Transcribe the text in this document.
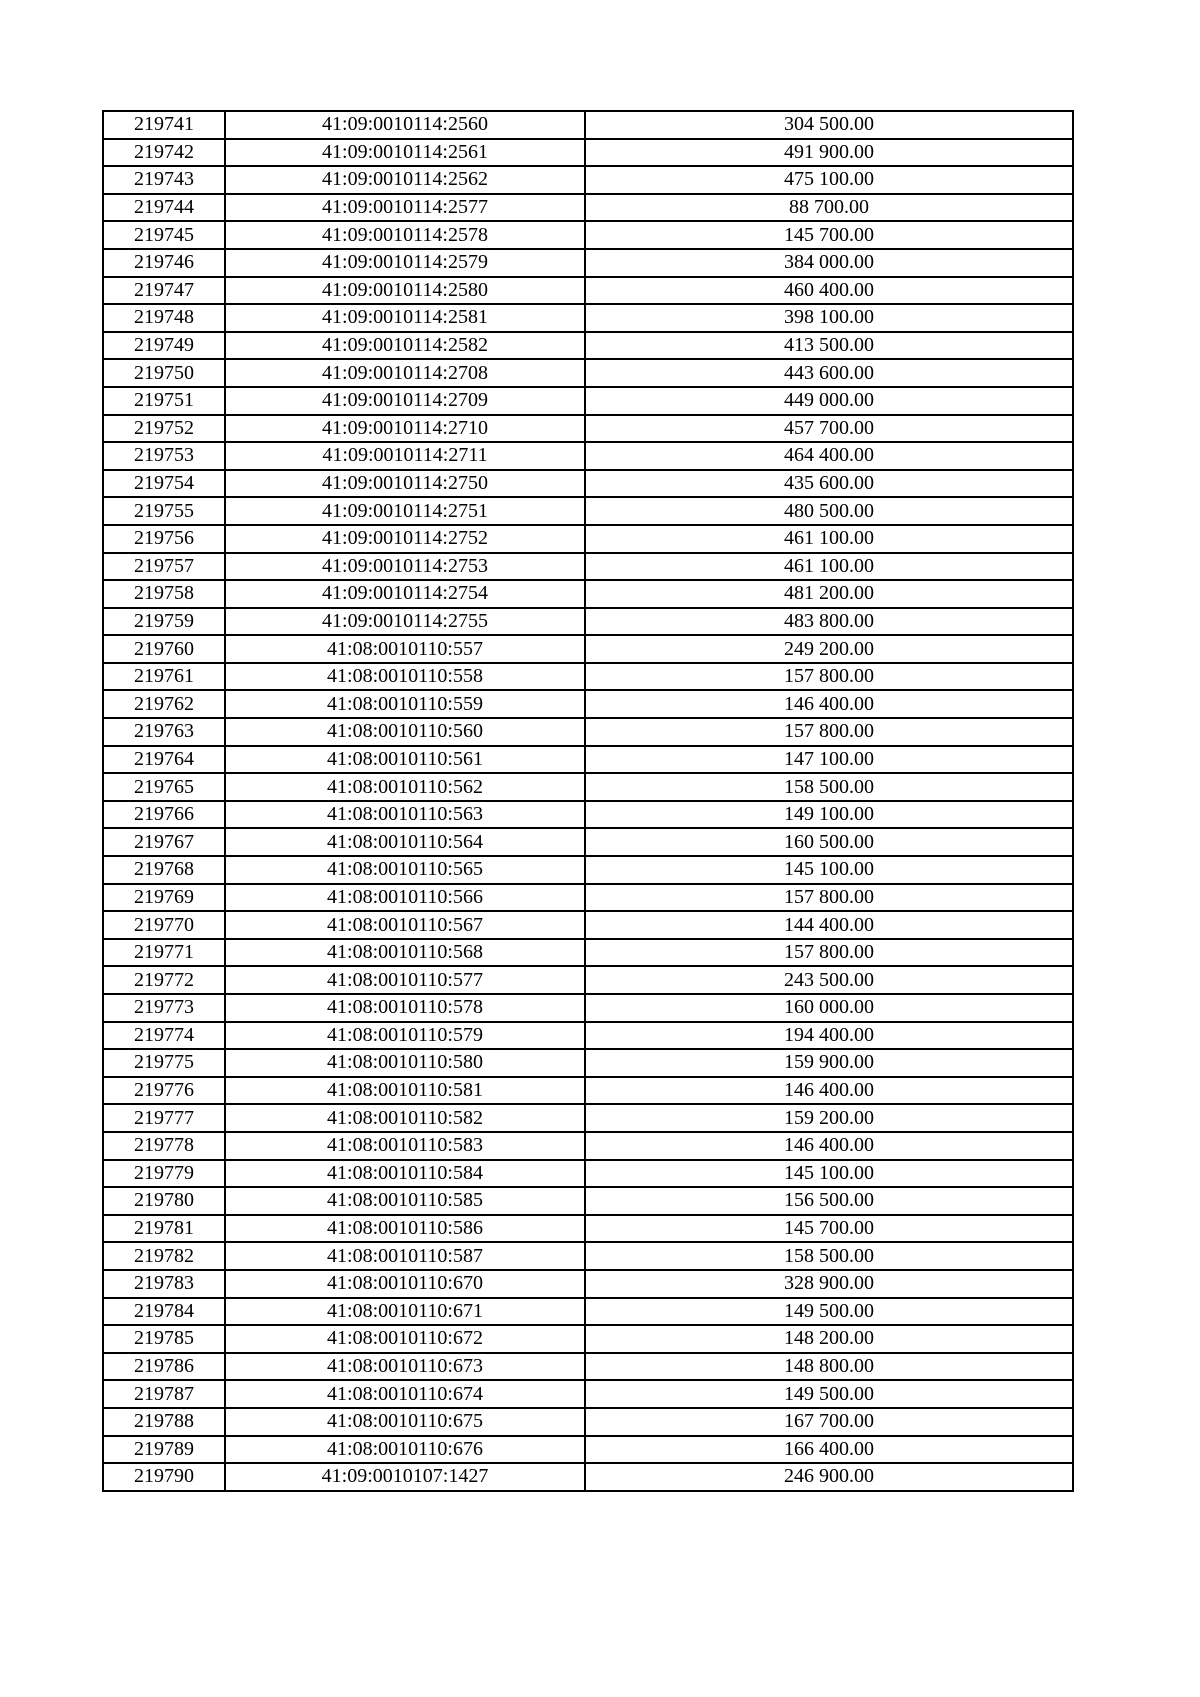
219741	41:09:0010114:2560	304 500.00
219742	41:09:0010114:2561	491 900.00
219743	41:09:0010114:2562	475 100.00
219744	41:09:0010114:2577	88 700.00
219745	41:09:0010114:2578	145 700.00
219746	41:09:0010114:2579	384 000.00
219747	41:09:0010114:2580	460 400.00
219748	41:09:0010114:2581	398 100.00
219749	41:09:0010114:2582	413 500.00
219750	41:09:0010114:2708	443 600.00
219751	41:09:0010114:2709	449 000.00
219752	41:09:0010114:2710	457 700.00
219753	41:09:0010114:2711	464 400.00
219754	41:09:0010114:2750	435 600.00
219755	41:09:0010114:2751	480 500.00
219756	41:09:0010114:2752	461 100.00
219757	41:09:0010114:2753	461 100.00
219758	41:09:0010114:2754	481 200.00
219759	41:09:0010114:2755	483 800.00
219760	41:08:0010110:557	249 200.00
219761	41:08:0010110:558	157 800.00
219762	41:08:0010110:559	146 400.00
219763	41:08:0010110:560	157 800.00
219764	41:08:0010110:561	147 100.00
219765	41:08:0010110:562	158 500.00
219766	41:08:0010110:563	149 100.00
219767	41:08:0010110:564	160 500.00
219768	41:08:0010110:565	145 100.00
219769	41:08:0010110:566	157 800.00
219770	41:08:0010110:567	144 400.00
219771	41:08:0010110:568	157 800.00
219772	41:08:0010110:577	243 500.00
219773	41:08:0010110:578	160 000.00
219774	41:08:0010110:579	194 400.00
219775	41:08:0010110:580	159 900.00
219776	41:08:0010110:581	146 400.00
219777	41:08:0010110:582	159 200.00
219778	41:08:0010110:583	146 400.00
219779	41:08:0010110:584	145 100.00
219780	41:08:0010110:585	156 500.00
219781	41:08:0010110:586	145 700.00
219782	41:08:0010110:587	158 500.00
219783	41:08:0010110:670	328 900.00
219784	41:08:0010110:671	149 500.00
219785	41:08:0010110:672	148 200.00
219786	41:08:0010110:673	148 800.00
219787	41:08:0010110:674	149 500.00
219788	41:08:0010110:675	167 700.00
219789	41:08:0010110:676	166 400.00
219790	41:09:0010107:1427	246 900.00
